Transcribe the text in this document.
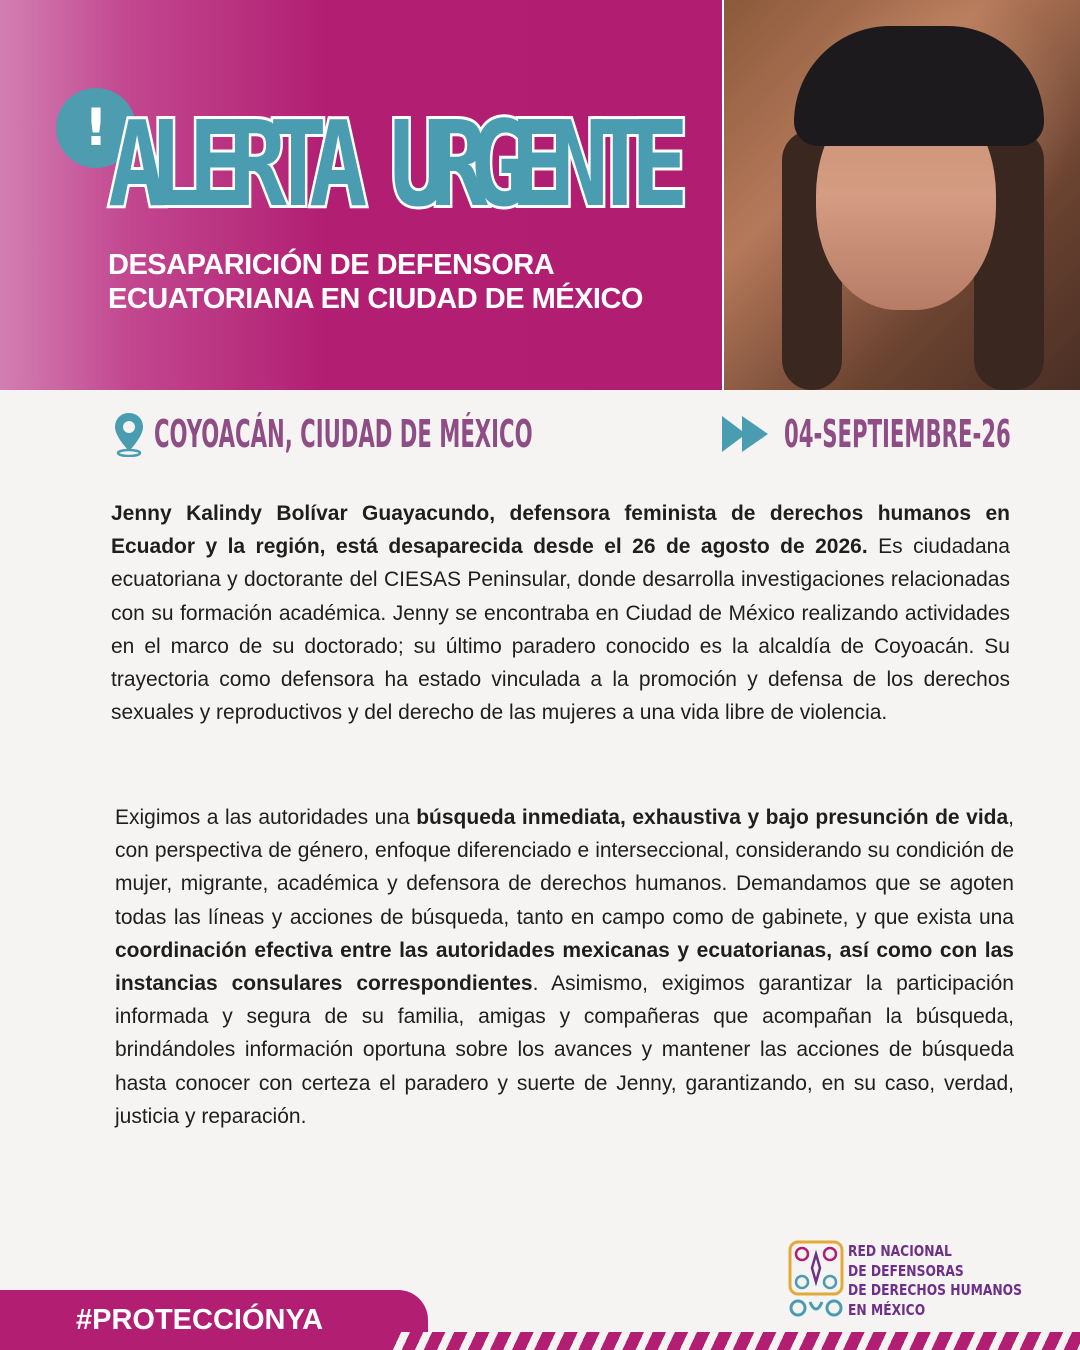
! ALERTA URGENTE
DESAPARICIÓN DE DEFENSORA ECUATORIANA EN CIUDAD DE MÉXICO
COYOACÁN, CIUDAD DE MÉXICO	04-SEPTIEMBRE-26
Jenny Kalindy Bolívar Guayacundo, defensora feminista de derechos humanos en Ecuador y la región, está desaparecida desde el 26 de agosto de 2026. Es ciudadana ecuatoriana y doctorante del CIESAS Peninsular, donde desarrolla investigaciones relacionadas con su formación académica. Jenny se encontraba en Ciudad de México realizando actividades en el marco de su doctorado; su último paradero conocido es la alcaldía de Coyoacán. Su trayectoria como defensora ha estado vinculada a la promoción y defensa de los derechos sexuales y reproductivos y del derecho de las mujeres a una vida libre de violencia.
Exigimos a las autoridades una búsqueda inmediata, exhaustiva y bajo presunción de vida, con perspectiva de género, enfoque diferenciado e interseccional, considerando su condición de mujer, migrante, académica y defensora de derechos humanos. Demandamos que se agoten todas las líneas y acciones de búsqueda, tanto en campo como de gabinete, y que exista una coordinación efectiva entre las autoridades mexicanas y ecuatorianas, así como con las instancias consulares correspondientes. Asimismo, exigimos garantizar la participación informada y segura de su familia, amigas y compañeras que acompañan la búsqueda, brindándoles información oportuna sobre los avances y mantener las acciones de búsqueda hasta conocer con certeza el paradero y suerte de Jenny, garantizando, en su caso, verdad, justicia y reparación.
#PROTECCIÓNYA
RED NACIONAL
DE DEFENSORAS
DE DERECHOS HUMANOS
EN MÉXICO
